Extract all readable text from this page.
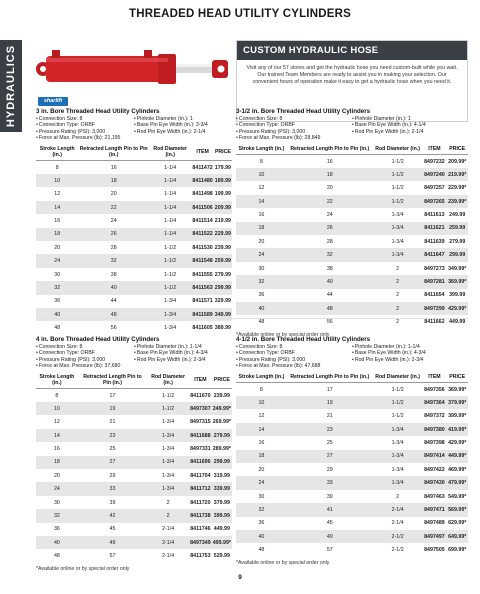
THREADED HEAD UTILITY CYLINDERS
HYDRAULICS	CUSTOM HYDRAULIC HOSE
Visit any of our 57 stores and get the hydraulic hose you need custom-built while you wait. Our trained Team Members are ready to assist you in making your selection. Our convenient hours of operation make it easy to get a hydraulic hose when you need it.
sharlift
3 in. Bore Threaded Head Utility Cylinders
• Connection Size: 8	• Pinhole Diameter (in.): 1
• Connection Type: ORBF	• Base Pin Eye Width (in.): 3-3/4
• Pressure Rating (PSI): 3,000	• Rod Pin Eye Width (in.): 2-1/4
• Force at Max. Pressure (lb): 21,195
Stroke Length (in.)	Retracted Length Pin to Pin (in.)	Rod Diameter (in.)	ITEM	PRICE
8	16	1-1/4	8411472	179.99
10	18	1-1/4	8411480	189.99
12	20	1-1/4	8411498	199.99
14	22	1-1/4	8411506	209.99
16	24	1-1/4	8411514	219.99
18	26	1-1/4	8411522	229.99
20	28	1-1/2	8411530	239.99
24	32	1-1/2	8411548	259.99
30	38	1-1/2	8411555	279.99
32	40	1-1/2	8411563	299.99
36	44	1-3/4	8411571	329.99
40	48	1-3/4	8411589	349.99
48	56	1-3/4	8411605	389.99
3-1/2 in. Bore Threaded Head Utility Cylinders
• Connection Size: 8	• Pinhole Diameter (in.): 1
• Connection Type: ORBF	• Base Pin Eye Width (in.): 4-1/4
• Pressure Rating (PSI): 3,000	• Rod Pin Eye Width (in.): 2-1/4
• Force at Max. Pressure (lb): 28,849
Stroke Length (in.)	Retracted Length Pin to Pin (in.)	Rod Diameter (in.)	ITEM	PRICE
8	16	1-1/2	8497232	209.99*
10	18	1-1/2	8497240	219.99*
12	20	1-1/2	8497257	229.99*
14	22	1-1/2	8497265	239.99*
16	24	1-3/4	8411613	249.99
18	26	1-3/4	8411621	259.99
20	28	1-3/4	8411639	279.99
24	32	1-3/4	8411647	299.99
30	38	2	8497273	349.99*
32	40	2	8497281	369.99*
36	44	2	8411654	399.99
40	48	2	8497299	429.99*
48	56	2	8411662	449.99
*Available online or by special order only
4 in. Bore Threaded Head Utility Cylinders
• Connection Size: 8	• Pinhole Diameter (in.): 1-1/4
• Connection Type: ORBF	• Base Pin Eye Width (in.): 4-3/4
• Pressure Rating (PSI): 3,000	• Rod Pin Eye Width (in.): 2-3/4
• Force at Max. Pressure (lb): 37,680
Stroke Length (in.)	Retracted Length Pin to Pin (in.)	Rod Diameter (in.)	ITEM	PRICE
8	17	1-1/2	8411670	239.99
10	19	1-1/2	8497307	249.99*
12	21	1-3/4	8497315	269.99*
14	23	1-3/4	8411688	279.99
16	25	1-3/4	8497331	289.99*
18	27	1-3/4	8411696	299.99
20	29	1-3/4	8411704	319.99
24	33	1-3/4	8411712	339.99
30	39	2	8411720	379.99
32	42	2	8411738	399.99
36	45	2-1/4	8411746	449.99
40	49	2-1/4	8497349	499.99*
48	57	2-1/4	8411753	529.99
*Available online or by special order only
4-1/2 in. Bore Threaded Head Utility Cylinders
• Connection Size: 8	• Pinhole Diameter (in.): 1-1/4
• Connection Type: ORBF	• Base Pin Eye Width (in.): 4-3/4
• Pressure Rating (PSI): 3,000	• Rod Pin Eye Width (in.): 2-3/4
• Force at Max. Pressure (lb): 47,688
Stroke Length (in.)	Retracted Length Pin to Pin (in.)	Rod Diameter (in.)	ITEM	PRICE
8	17	1-1/2	8497356	369.99*
10	19	1-1/2	8497364	379.99*
12	21	1-1/2	8497372	399.99*
14	23	1-3/4	8497380	419.99*
16	25	1-3/4	8497398	429.99*
18	27	1-3/4	8497414	449.99*
20	29	1-3/4	8497422	469.99*
24	33	1-3/4	8497430	479.99*
30	39	2	8497463	549.99*
32	41	2-1/4	8497471	569.99*
36	45	2-1/4	8497489	629.99*
40	49	2-1/2	8497497	649.99*
48	57	2-1/2	8497505	699.99*
*Available online or by special order only
9
